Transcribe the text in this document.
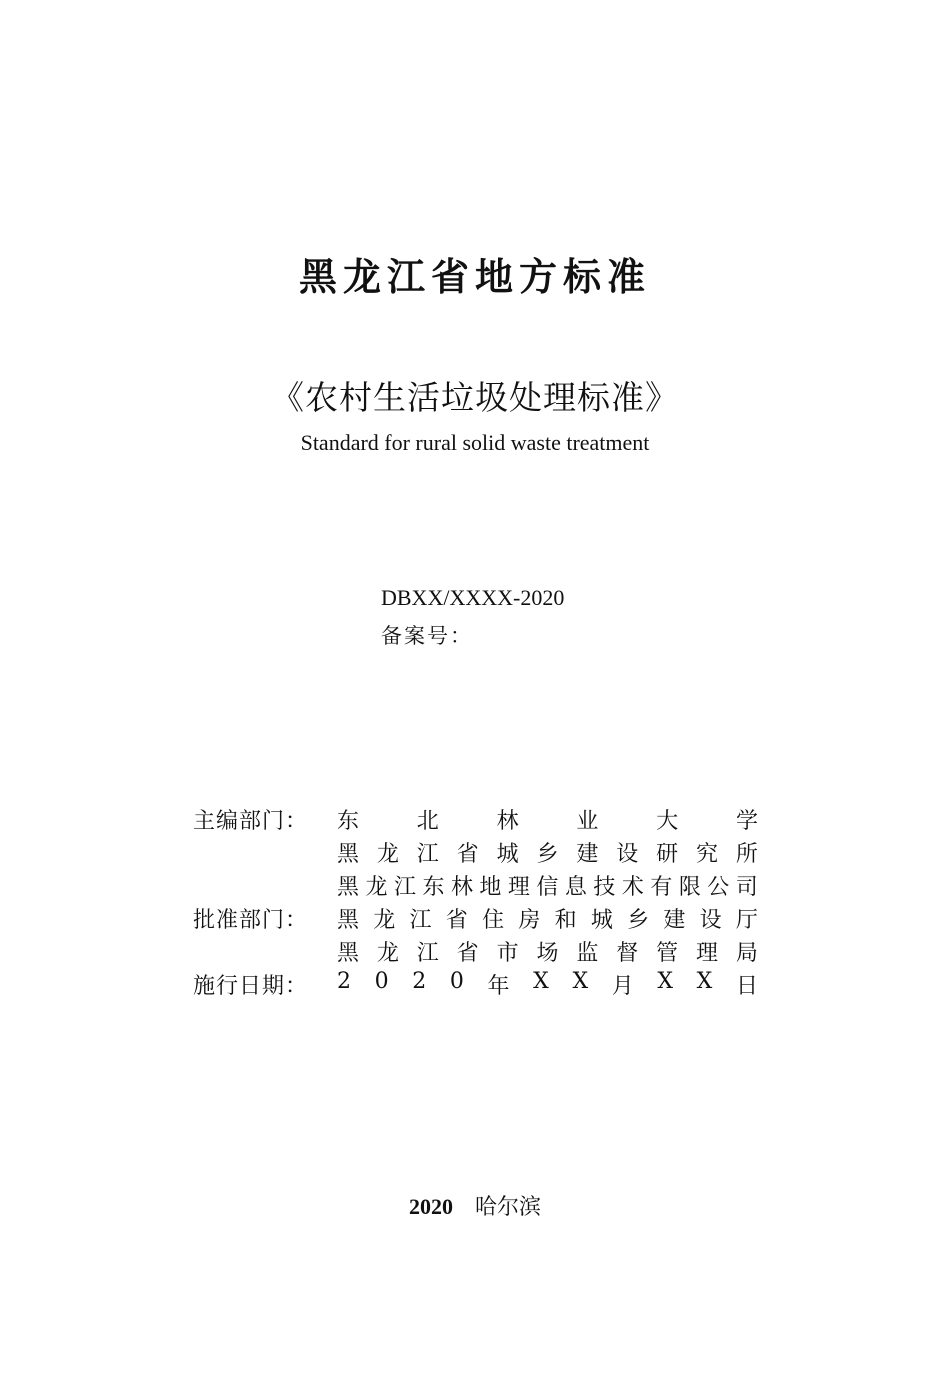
黑龙江省地方标准
《农村生活垃圾处理标准》
Standard for rural solid waste treatment
DBXX/XXXX-2020
备案号：
主编部门： 东	北	林	业	大	学
黑 龙 江 省 城 乡 建 设 研 究 所
黑 龙 江 东 林 地 理 信 息 技 术 有 限 公 司
批准部门： 黑 龙 江 省 住 房 和 城 乡 建 设 厅
黑 龙 江 省 市 场 监 督 管 理 局
施行日期： 2 0 2 0 年 X X 月 X X 日
2020 哈尔滨
